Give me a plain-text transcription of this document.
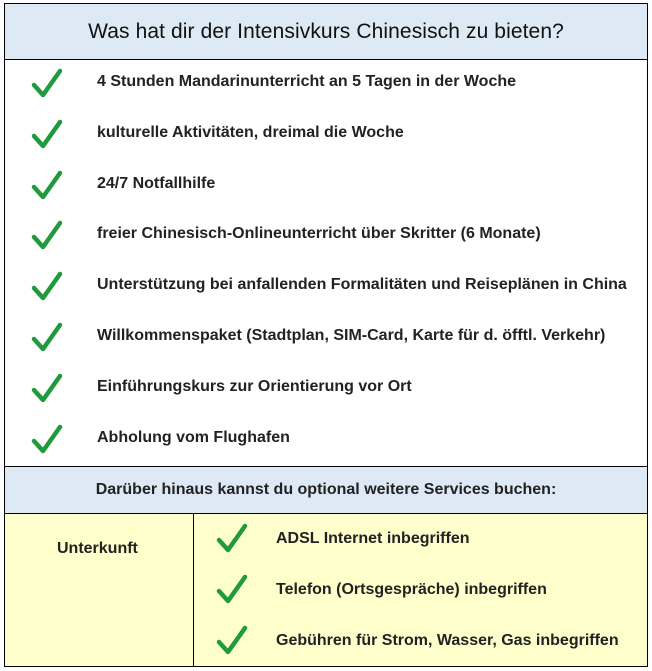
Was hat dir der Intensivkurs Chinesisch zu bieten?
4 Stunden Mandarinunterricht an 5 Tagen in der Woche
kulturelle Aktivitäten, dreimal die Woche
24/7 Notfallhilfe
freier Chinesisch-Onlineunterricht über Skritter (6 Monate)
Unterstützung bei anfallenden Formalitäten und Reiseplänen in China
Willkommenspaket (Stadtplan, SIM-Card, Karte für d. öfftl. Verkehr)
Einführungskurs zur Orientierung vor Ort
Abholung vom Flughafen
Darüber hinaus kannst du optional weitere Services buchen:
Unterkunft
ADSL Internet inbegriffen
Telefon (Ortsgespräche) inbegriffen
Gebühren für Strom, Wasser, Gas inbegriffen
